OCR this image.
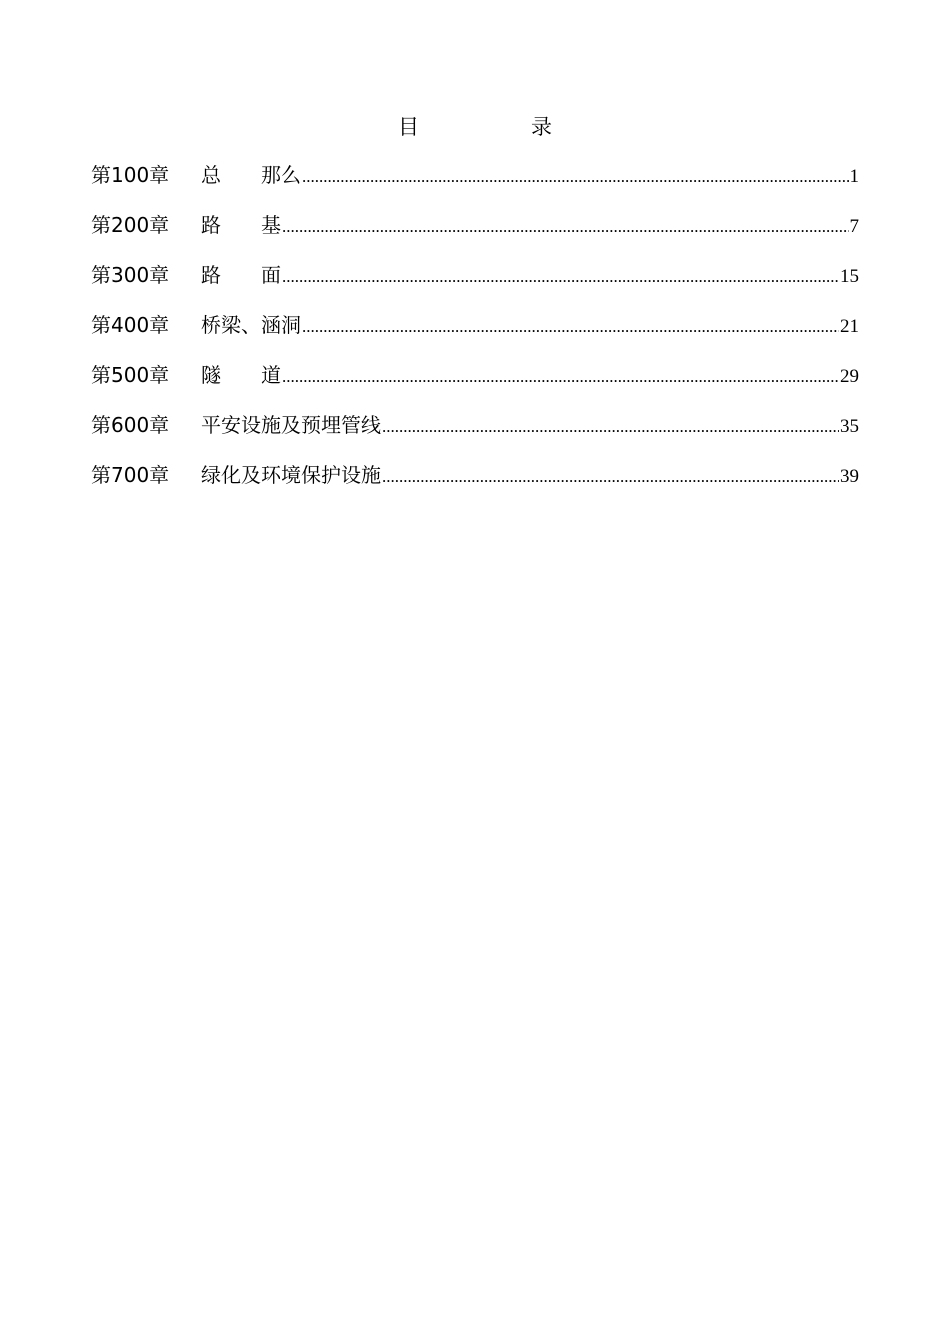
目	录
第100章	总　　那么 .....	1
第200章	路　　基 .....	7
第300章	路　　面 .....	15
第400章	桥梁、涵洞 .....	21
第500章	隧　　道 .....	29
第600章	平安设施及预埋管线 .....	35
第700章	绿化及环境保护设施 .....	39
